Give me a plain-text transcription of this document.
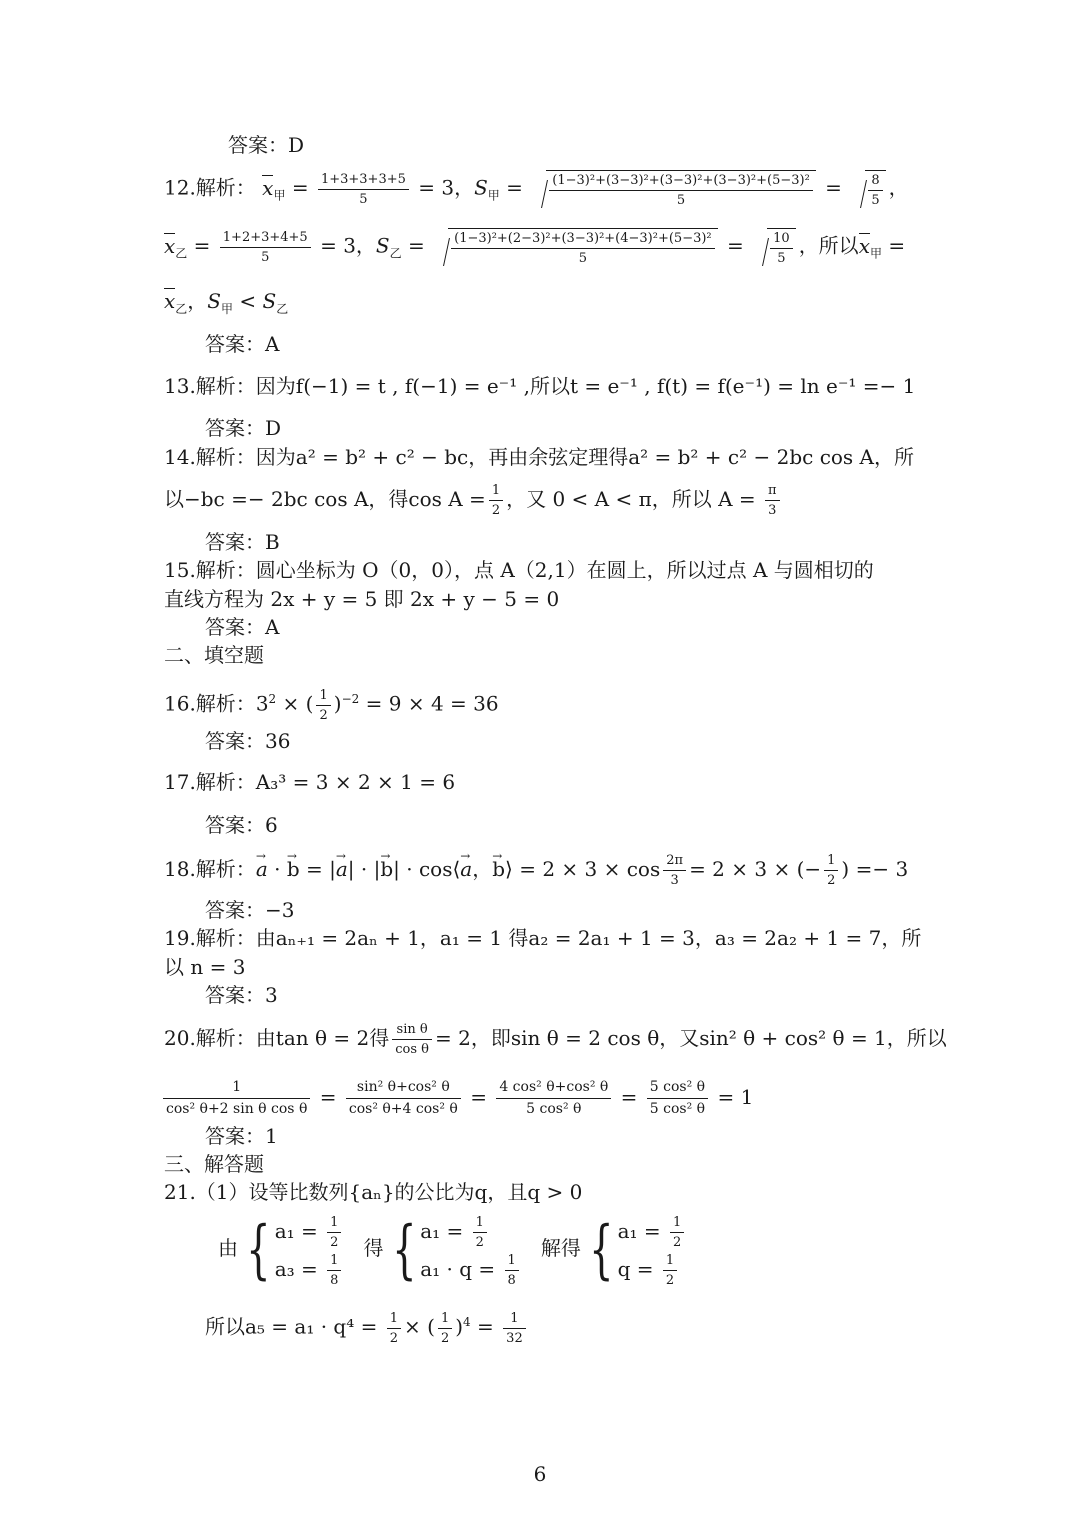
答案：D
12.解析： $x_甲 = \frac{1+3+3+3+5}{5} = 3$，$S_甲 = \frac{\text{(1−3)²+(3−3)²+(3−3)²+(3−3)²+(5−3)²}}{5} = \frac{8}{5}$ ，
$x_乙 = \frac{1+2+3+4+5}{5} = 3$，$S_乙 = \frac{\text{(1−3)²+(2−3)²+(3−3)²+(4−3)²+(5−3)²}}{5} = \frac{10}{5}$ ，所以$x_甲$ =
$x_乙$，$S_甲 < S_乙$
答案：A
13.解析：因为f(−1) = t , f(−1) = e⁻¹ ,所以t = e⁻¹ , f(t) = f(e⁻¹) = ln e⁻¹ =− 1
答案：D
14.解析：因为a² = b² + c² − bc，再由余弦定理得a² = b² + c² − 2bc cos A，所
以−bc =− 2bc cos A，得$\cos A = \frac{1}{2}$ ，又 0 < A < π，所以 $A = \frac{\pi}{3}$
答案：B
15.解析：圆心坐标为 O（0，0），点 A（2,1）在圆上，所以过点 A 与圆相切的
直线方程为 2x + y = 5 即 2x + y − 5 = 0
答案：A
二、填空题
16.解析：$3^2$ × ( $\frac{1}{2} )^{-2} = 9 \times 4 = 36$
答案：36
17.解析：A₃³ = 3 × 2 × 1 = 6
答案：6
18.解析：a → · b → = |a →| · |b →| · cos⟨a →，b →⟩ = $2 \times 3 \times \cos \frac{2\pi}{3} = 2 \times 3$ × (− $\frac{1}{2}$ ) =− 3
答案：−3
19.解析：由aₙ₊₁ = 2aₙ + 1，a₁ = 1 得a₂ = 2a₁ + 1 = 3，a₃ = 2a₂ + 1 = 7，所
以 n = 3
答案：3
20.解析：由tan θ = 2得 $\frac{\text{sin θ}}{\text{cos θ}} = 2$，即sin θ = 2 cos θ，又sin² θ + cos² θ = 1，所以
$\frac{1}{\text{cos² θ+2 sin θ cos θ}} = \frac{\text{sin² θ+cos² θ}}{\text{cos² θ+4 cos² θ}} = \frac{\text{4 cos² θ+cos² θ}}{\text{5 cos² θ}} = \frac{\text{5 cos² θ}}{\text{5 cos² θ}} = 1$
答案：1
三、解答题
21.（1）设等比数列{aₙ}的公比为q，且q > 0
由 { $a_1 = \frac{1}{2}$
$a_3 = \frac{1}{8}$
得 { $a_1 = \frac{1}{2}$
$a_1 \cdot q = \frac{1}{8}$
解得 { $a_1 = \frac{1}{2}$
$q = \frac{1}{2}$
所以$a_5 = a_1 \cdot q^4 = \frac{1}{2}$ × ( $\frac{1}{2} )^4 = \frac{1}{32}$
6
